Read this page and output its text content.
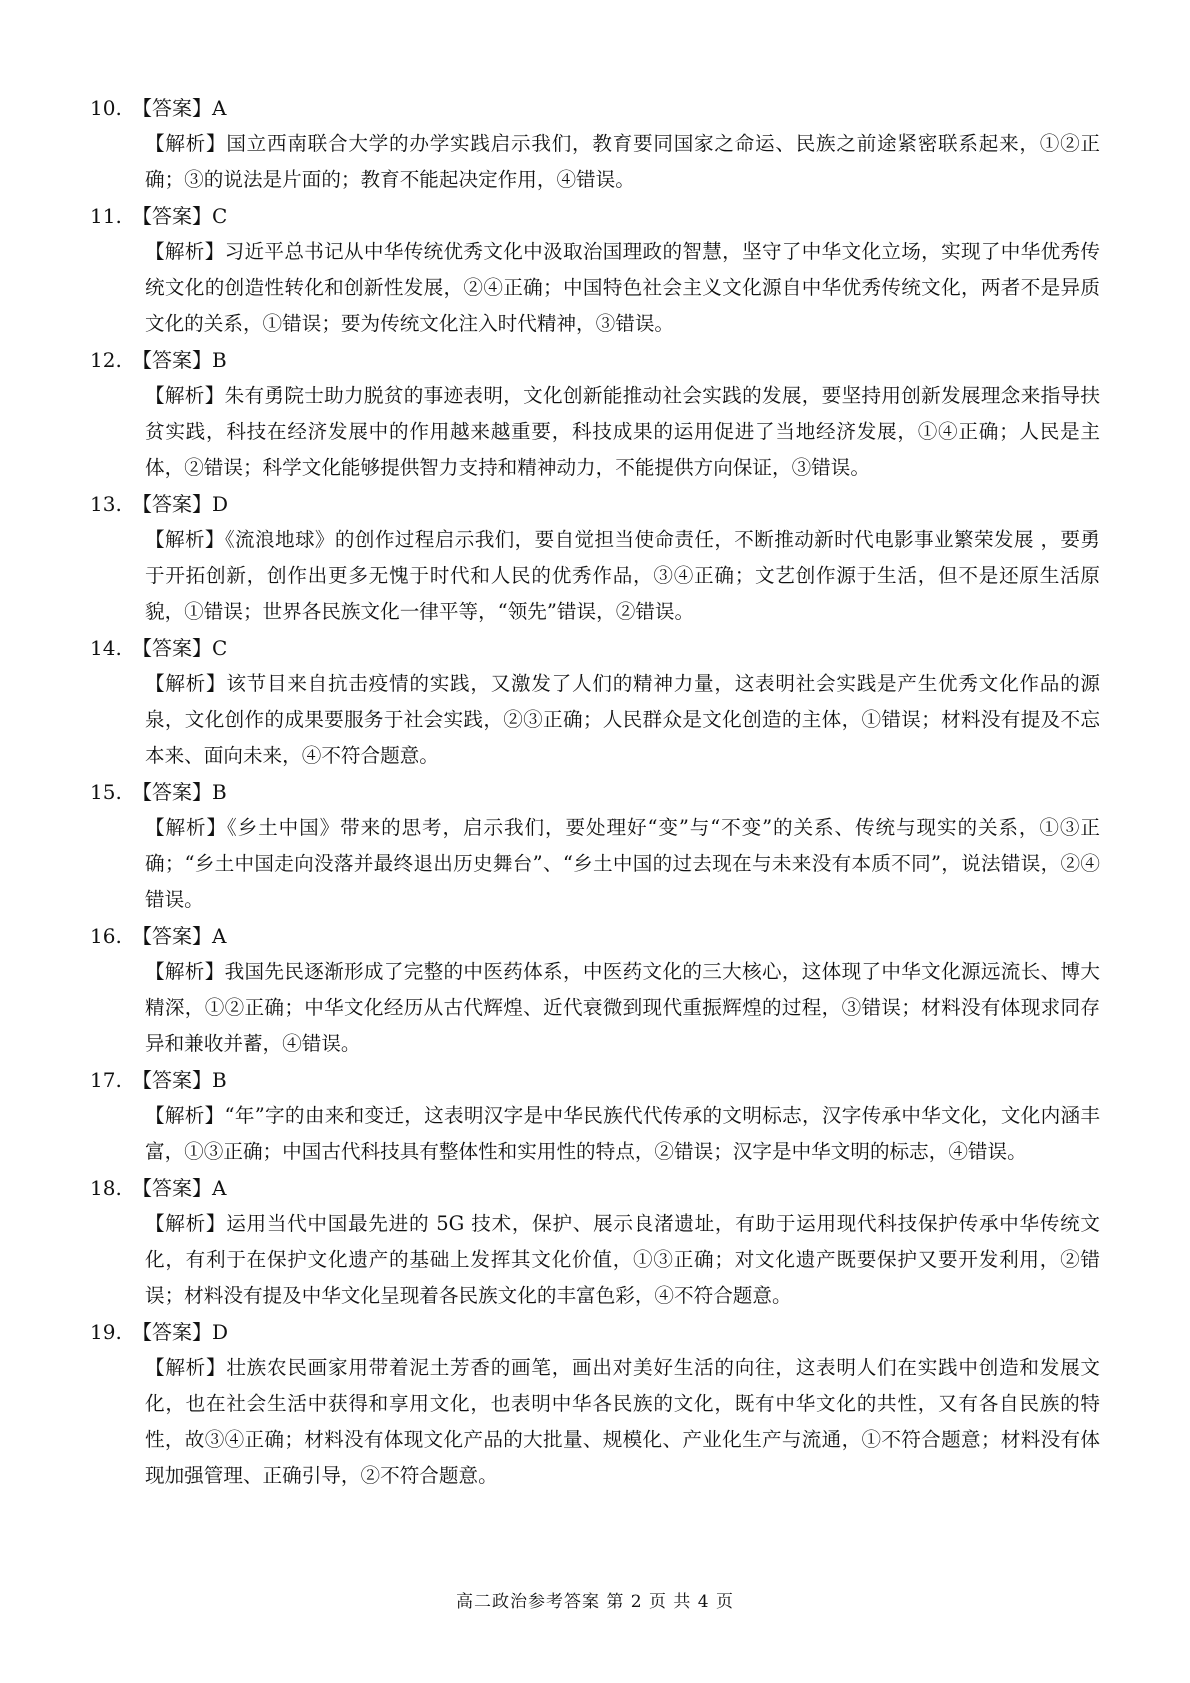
10. 【答案】A
【解析】国立西南联合大学的办学实践启示我们，教育要同国家之命运、民族之前途紧密联系起来，①②正确；③的说法是片面的；教育不能起决定作用，④错误。
11. 【答案】C
【解析】习近平总书记从中华传统优秀文化中汲取治国理政的智慧，坚守了中华文化立场，实现了中华优秀传统文化的创造性转化和创新性发展，②④正确；中国特色社会主义文化源自中华优秀传统文化，两者不是异质文化的关系，①错误；要为传统文化注入时代精神，③错误。
12. 【答案】B
【解析】朱有勇院士助力脱贫的事迹表明，文化创新能推动社会实践的发展，要坚持用创新发展理念来指导扶贫实践，科技在经济发展中的作用越来越重要，科技成果的运用促进了当地经济发展，①④正确；人民是主体，②错误；科学文化能够提供智力支持和精神动力，不能提供方向保证，③错误。
13. 【答案】D
【解析】《流浪地球》的创作过程启示我们，要自觉担当使命责任，不断推动新时代电影事业繁荣发展 ，要勇于开拓创新，创作出更多无愧于时代和人民的优秀作品，③④正确；文艺创作源于生活，但不是还原生活原貌，①错误；世界各民族文化一律平等，“领先”错误，②错误。
14. 【答案】C
【解析】该节目来自抗击疫情的实践，又激发了人们的精神力量，这表明社会实践是产生优秀文化作品的源泉，文化创作的成果要服务于社会实践，②③正确；人民群众是文化创造的主体，①错误；材料没有提及不忘本来、面向未来，④不符合题意。
15. 【答案】B
【解析】《乡土中国》带来的思考，启示我们，要处理好“变”与“不变”的关系、传统与现实的关系，①③正确；“乡土中国走向没落并最终退出历史舞台”、“乡土中国的过去现在与未来没有本质不同”，说法错误，②④错误。
16. 【答案】A
【解析】我国先民逐渐形成了完整的中医药体系，中医药文化的三大核心，这体现了中华文化源远流长、博大精深，①②正确；中华文化经历从古代辉煌、近代衰微到现代重振辉煌的过程，③错误；材料没有体现求同存异和兼收并蓄，④错误。
17. 【答案】B
【解析】“年”字的由来和变迁，这表明汉字是中华民族代代传承的文明标志，汉字传承中华文化，文化内涵丰富，①③正确；中国古代科技具有整体性和实用性的特点，②错误；汉字是中华文明的标志，④错误。
18. 【答案】A
【解析】运用当代中国最先进的 5G 技术，保护、展示良渚遗址，有助于运用现代科技保护传承中华传统文化，有利于在保护文化遗产的基础上发挥其文化价值，①③正确；对文化遗产既要保护又要开发利用，②错误；材料没有提及中华文化呈现着各民族文化的丰富色彩，④不符合题意。
19. 【答案】D
【解析】壮族农民画家用带着泥土芳香的画笔，画出对美好生活的向往，这表明人们在实践中创造和发展文化，也在社会生活中获得和享用文化，也表明中华各民族的文化，既有中华文化的共性，又有各自民族的特性，故③④正确；材料没有体现文化产品的大批量、规模化、产业化生产与流通，①不符合题意；材料没有体现加强管理、正确引导，②不符合题意。
高二政治参考答案 第 2 页 共 4 页
